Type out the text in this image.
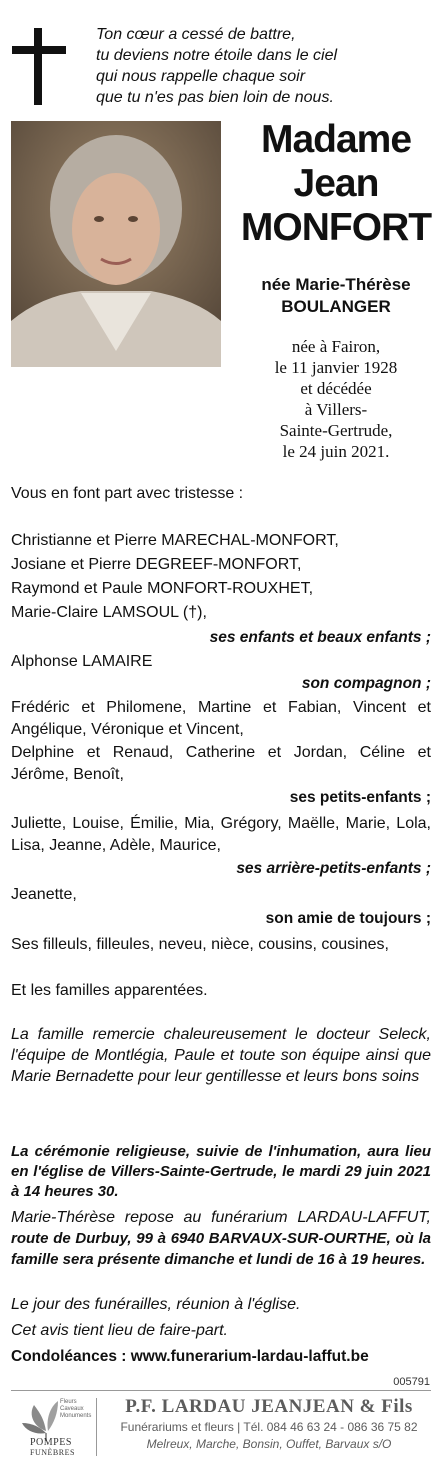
Ton cœur a cessé de battre,
tu deviens notre étoile dans le ciel
qui nous rappelle chaque soir
que tu n'es pas bien loin de nous.
Madame
Jean
MONFORT
née Marie-Thérèse
BOULANGER
née à Fairon,
le 11 janvier 1928
et décédée
à Villers-
Sainte-Gertrude,
le 24 juin 2021.
Vous en font part avec tristesse :
Christianne et Pierre MARECHAL-MONFORT,
Josiane et Pierre DEGREEF-MONFORT,
Raymond et Paule MONFORT-ROUXHET,
Marie-Claire LAMSOUL (†),
ses enfants et beaux enfants ;
Alphonse LAMAIRE
son compagnon ;
Frédéric et Philomene, Martine et Fabian, Vincent et Angélique, Véronique et Vincent,
Delphine et Renaud, Catherine et Jordan, Céline et Jérôme, Benoît,
ses petits-enfants ;
Juliette, Louise, Émilie, Mia, Grégory, Maëlle, Marie, Lola, Lisa, Jeanne, Adèle, Maurice,
ses arrière-petits-enfants ;
Jeanette,
son amie de toujours ;
Ses filleuls, filleules, neveu, nièce, cousins, cousines,
Et les familles apparentées.
La famille remercie chaleureusement le docteur Seleck, l'équipe de Montlégia, Paule et toute son équipe ainsi que Marie Bernadette pour leur gentillesse et leurs bons soins
La cérémonie religieuse, suivie de l'inhumation, aura lieu en l'église de Villers-Sainte-Gertrude, le mardi 29 juin 2021 à 14 heures 30.
Marie-Thérèse repose au funérarium LARDAU-LAFFUT, route de Durbuy, 99 à 6940 BARVAUX-SUR-OURTHE, où la famille sera présente dimanche et lundi de 16 à 19 heures.
Le jour des funérailles, réunion à l'église.
Cet avis tient lieu de faire-part.
Condoléances : www.funerarium-lardau-laffut.be
005791
Fleurs
Caveaux
Monuments
POMPES
FUNÈBRES
P.F. LARDAU JEANJEAN & Fils
Funérariums et fleurs | Tél. 084 46 63 24 - 086 36 75 82
Melreux, Marche, Bonsin, Ouffet, Barvaux s/O
